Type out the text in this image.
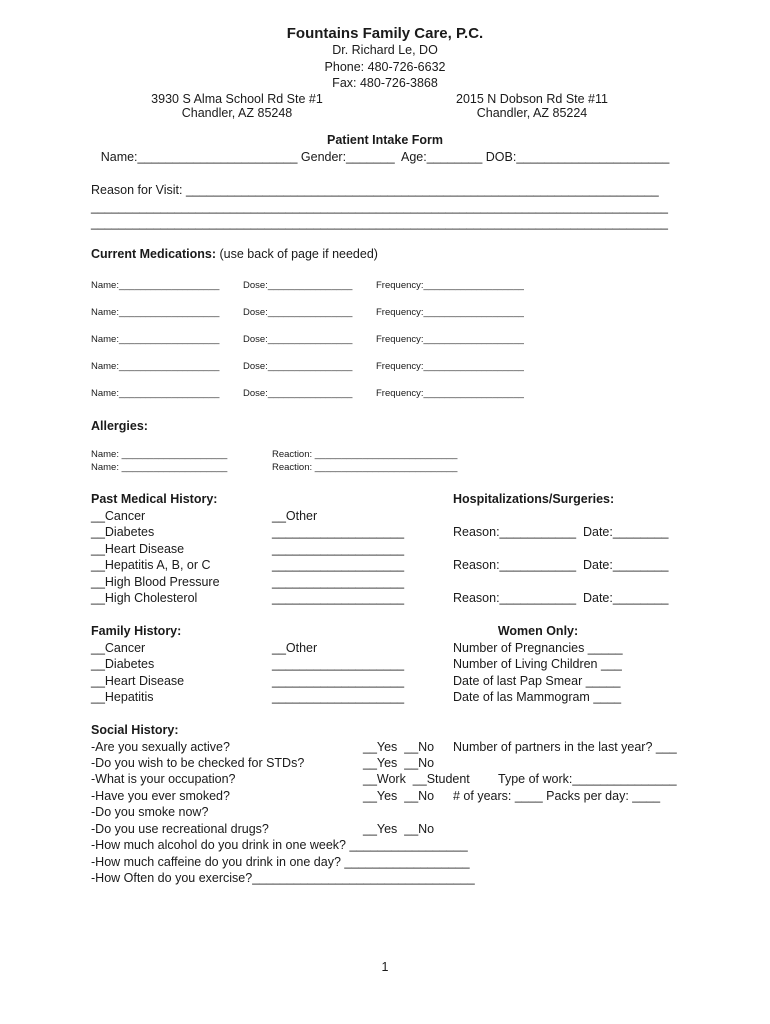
Fountains Family Care, P.C.
Dr. Richard Le, DO
Phone: 480-726-6632
Fax: 480-726-3868
3930 S Alma School Rd Ste #1
Chandler, AZ 85248
2015 N Dobson Rd Ste #11
Chandler, AZ 85224
Patient Intake Form
Name:_______________________ Gender:_______  Age:________ DOB:______________________
Reason for Visit: ____________________________________________________________________
___________________________________________________________________________________
___________________________________________________________________________________
Current Medications: (use back of page if needed)
Name:___________________ Dose:________________ Frequency:___________________
Name:___________________ Dose:________________ Frequency:___________________
Name:___________________ Dose:________________ Frequency:___________________
Name:___________________ Dose:________________ Frequency:___________________
Name:___________________ Dose:________________ Frequency:___________________
Allergies:
Name: ____________________	Reaction: ___________________________
Name: ____________________	Reaction: ___________________________
Past Medical History:
__Cancer
__Diabetes
__Heart Disease
__Hepatitis A, B, or C
__High Blood Pressure
__High Cholesterol
__Other
___________________
___________________
___________________
___________________
___________________
Hospitalizations/Surgeries:
Reason:___________  Date:________
Reason:___________  Date:________
Reason:___________  Date:________
Family History:
__Cancer
__Diabetes
__Heart Disease
__Hepatitis
__Other
___________________
___________________
___________________
Women Only:
Number of Pregnancies _____
Number of Living Children ___
Date of last Pap Smear _____
Date of las Mammogram ____
Social History:
-Are you sexually active?
-Do you wish to be checked for STDs?
-What is your occupation?
-Have you ever smoked?
-Do you smoke now?
-Do you use recreational drugs?
-How much alcohol do you drink in one week? _________________
-How much caffeine do you drink in one day? __________________
-How Often do you exercise?________________________________
__Yes  __No
__Yes  __No
__Work  __Student
__Yes  __No
__Yes  __No
Number of partners in the last year? ___
Type of work:_______________
# of years: ____ Packs per day: ____
1
